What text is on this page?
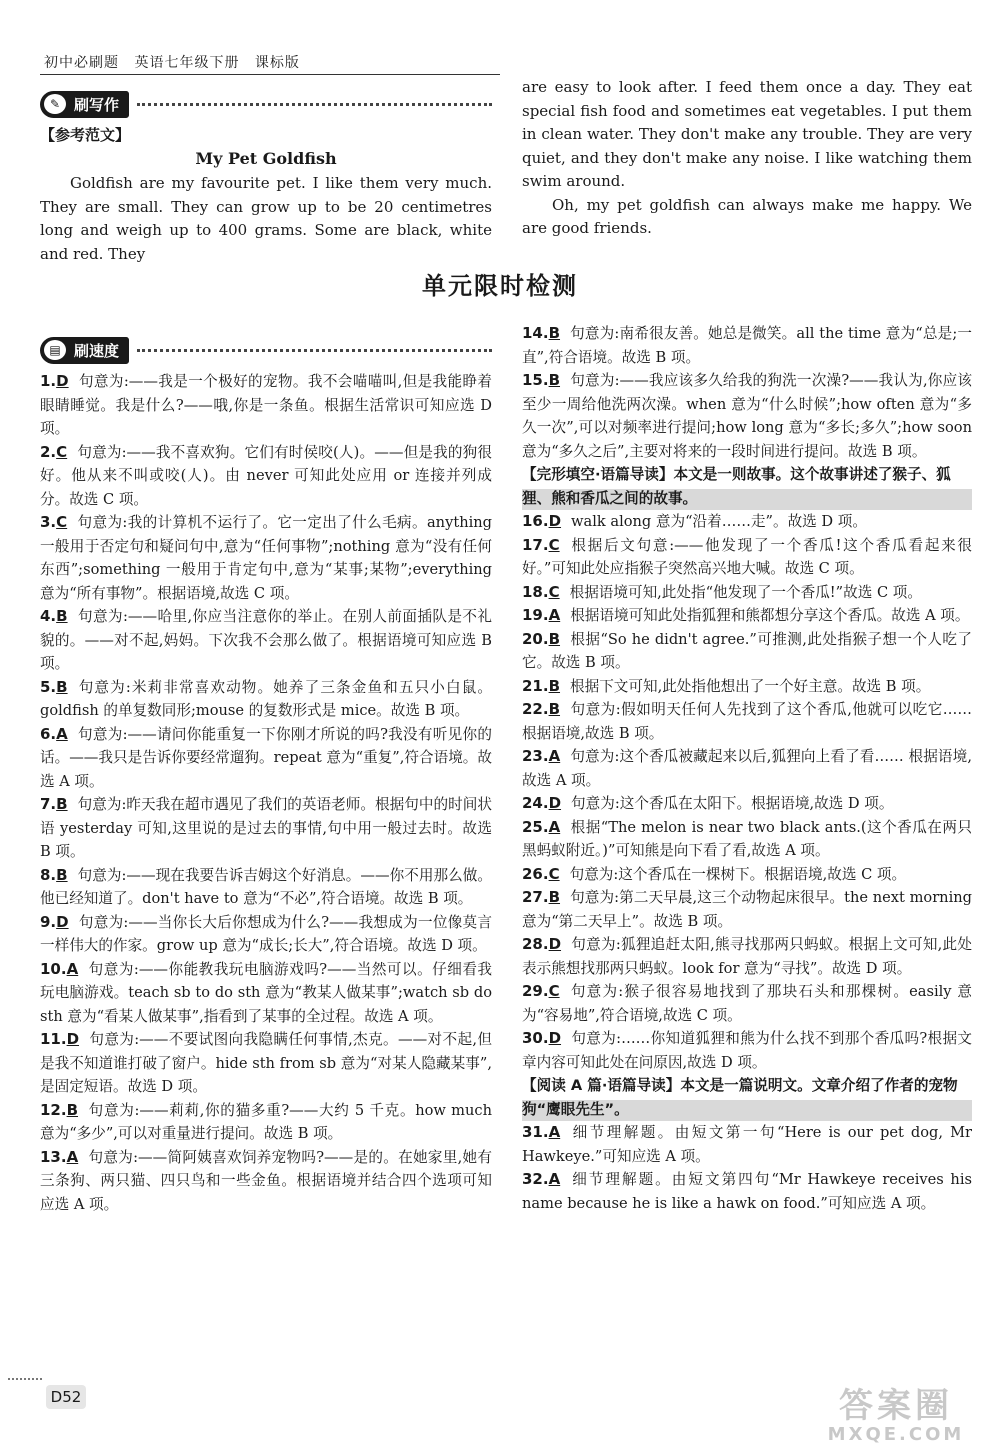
初中必刷题 英语七年级下册 课标版
✎ 刷写作
【参考范文】
My Pet Goldfish

Goldfish are my favourite pet. I like them very much. They are small. They can grow up to be 20 centimetres long and weigh up to 400 grams. Some are black, white and red. They

are easy to look after. I feed them once a day. They eat special fish food and sometimes eat vegetables. I put them in clean water. They don't make any trouble. They are very quiet, and they don't make any noise. I like watching them swim around.

Oh, my pet goldfish can always make me happy. We are good friends.

单元限时检测
▤ 刷速度

1.D 句意为:——我是一个极好的宠物。我不会喵喵叫,但是我能睁着眼睛睡觉。我是什么?——哦,你是一条鱼。根据生活常识可知应选 D 项。

2.C 句意为:——我不喜欢狗。它们有时侯咬(人)。——但是我的狗很好。他从来不叫或咬(人)。由 never 可知此处应用 or 连接并列成分。故选 C 项。

3.C 句意为:我的计算机不运行了。它一定出了什么毛病。anything 一般用于否定句和疑问句中,意为“任何事物”;nothing 意为“没有任何东西”;something 一般用于肯定句中,意为“某事;某物”;everything 意为“所有事物”。根据语境,故选 C 项。

4.B 句意为:——哈里,你应当注意你的举止。在别人前面插队是不礼貌的。——对不起,妈妈。下次我不会那么做了。根据语境可知应选 B 项。

5.B 句意为:米莉非常喜欢动物。她养了三条金鱼和五只小白鼠。goldfish 的单复数同形;mouse 的复数形式是 mice。故选 B 项。

6.A 句意为:——请问你能重复一下你刚才所说的吗?我没有听见你的话。——我只是告诉你要经常遛狗。repeat 意为“重复”,符合语境。故选 A 项。

7.B 句意为:昨天我在超市遇见了我们的英语老师。根据句中的时间状语 yesterday 可知,这里说的是过去的事情,句中用一般过去时。故选 B 项。

8.B 句意为:——现在我要告诉吉姆这个好消息。——你不用那么做。他已经知道了。don't have to 意为“不必”,符合语境。故选 B 项。

9.D 句意为:——当你长大后你想成为什么?——我想成为一位像莫言一样伟大的作家。grow up 意为“成长;长大”,符合语境。故选 D 项。

10.A 句意为:——你能教我玩电脑游戏吗?——当然可以。仔细看我玩电脑游戏。teach sb to do sth 意为“教某人做某事”;watch sb do sth 意为“看某人做某事”,指看到了某事的全过程。故选 A 项。

11.D 句意为:——不要试图向我隐瞒任何事情,杰克。——对不起,但是我不知道谁打破了窗户。hide sth from sb 意为“对某人隐藏某事”,是固定短语。故选 D 项。

12.B 句意为:——莉莉,你的猫多重?——大约 5 千克。how much 意为“多少”,可以对重量进行提问。故选 B 项。

13.A 句意为:——简阿姨喜欢饲养宠物吗?——是的。在她家里,她有三条狗、两只猫、四只鸟和一些金鱼。根据语境并结合四个选项可知应选 A 项。

14.B 句意为:南希很友善。她总是微笑。all the time 意为“总是;一直”,符合语境。故选 B 项。

15.B 句意为:——我应该多久给我的狗洗一次澡?——我认为,你应该至少一周给他洗两次澡。when 意为“什么时候”;how often 意为“多久一次”,可以对频率进行提问;how long 意为“多长;多久”;how soon 意为“多久之后”,主要对将来的一段时间进行提问。故选 B 项。

【完形填空·语篇导读】本文是一则故事。这个故事讲述了猴子、狐狸、熊和香瓜之间的故事。

16.D walk along 意为“沿着……走”。故选 D 项。

17.C 根据后文句意:——他发现了一个香瓜!这个香瓜看起来很好。”可知此处应指猴子突然高兴地大喊。故选 C 项。

18.C 根据语境可知,此处指“他发现了一个香瓜!”故选 C 项。

19.A 根据语境可知此处指狐狸和熊都想分享这个香瓜。故选 A 项。

20.B 根据“So he didn't agree.”可推测,此处指猴子想一个人吃了它。故选 B 项。

21.B 根据下文可知,此处指他想出了一个好主意。故选 B 项。

22.B 句意为:假如明天任何人先找到了这个香瓜,他就可以吃它…… 根据语境,故选 B 项。

23.A 句意为:这个香瓜被藏起来以后,狐狸向上看了看…… 根据语境,故选 A 项。

24.D 句意为:这个香瓜在太阳下。根据语境,故选 D 项。

25.A 根据“The melon is near two black ants.(这个香瓜在两只黑蚂蚁附近。)”可知熊是向下看了看,故选 A 项。

26.C 句意为:这个香瓜在一棵树下。根据语境,故选 C 项。

27.B 句意为:第二天早晨,这三个动物起床很早。the next morning 意为“第二天早上”。故选 B 项。

28.D 句意为:狐狸追赶太阳,熊寻找那两只蚂蚁。根据上文可知,此处表示熊想找那两只蚂蚁。look for 意为“寻找”。故选 D 项。

29.C 句意为:猴子很容易地找到了那块石头和那棵树。easily 意为“容易地”,符合语境,故选 C 项。

30.D 句意为:……你知道狐狸和熊为什么找不到那个香瓜吗?根据文章内容可知此处在问原因,故选 D 项。

【阅读 A 篇·语篇导读】本文是一篇说明文。文章介绍了作者的宠物狗“鹰眼先生”。

31.A 细节理解题。由短文第一句“Here is our pet dog, Mr Hawkeye.”可知应选 A 项。

32.A 细节理解题。由短文第四句“Mr Hawkeye receives his name because he is like a hawk on food.”可知应选 A 项。

D52	答案圈
MXQE.COM
